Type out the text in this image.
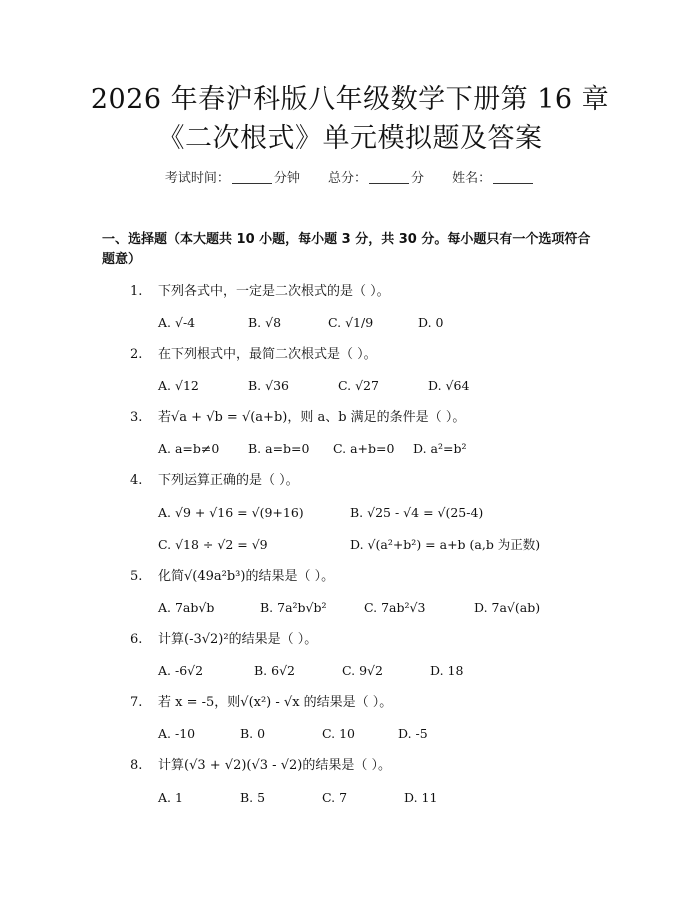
2026 年春沪科版八年级数学下册第 16 章
《二次根式》单元模拟题及答案
考试时间：	分钟 总分：	分 姓名：
一、选择题（本大题共 10 小题，每小题 3 分，共 30 分。每小题只有一个选项符合题意）
1. 下列各式中，一定是二次根式的是（ ）。
A. √-4	B. √8	C. √1/9	D. 0
2. 在下列根式中，最简二次根式是（ ）。
A. √12	B. √36	C. √27	D. √64
3. 若√a + √b = √(a+b)，则 a、b 满足的条件是（ ）。
A. a=b≠0 B. a=b=0 C. a+b=0 D. a²=b²
4. 下列运算正确的是（ ）。
A. √9 + √16 = √(9+16)	B. √25 - √4 = √(25-4)
C. √18 ÷ √2 = √9	D. √(a²+b²) = a+b (a,b 为正数)
5. 化简√(49a²b³)的结果是（ ）。
A. 7ab√b	B. 7a²b√b²	C. 7ab²√3	D. 7a√(ab)
6. 计算(-3√2)²的结果是（ ）。
A. -6√2	B. 6√2	C. 9√2	D. 18
7. 若 x = -5，则√(x²) - √x 的结果是（ ）。
A. -10	B. 0	C. 10	D. -5
8. 计算(√3 + √2)(√3 - √2)的结果是（ ）。
A. 1	B. 5	C. 7	D. 11
